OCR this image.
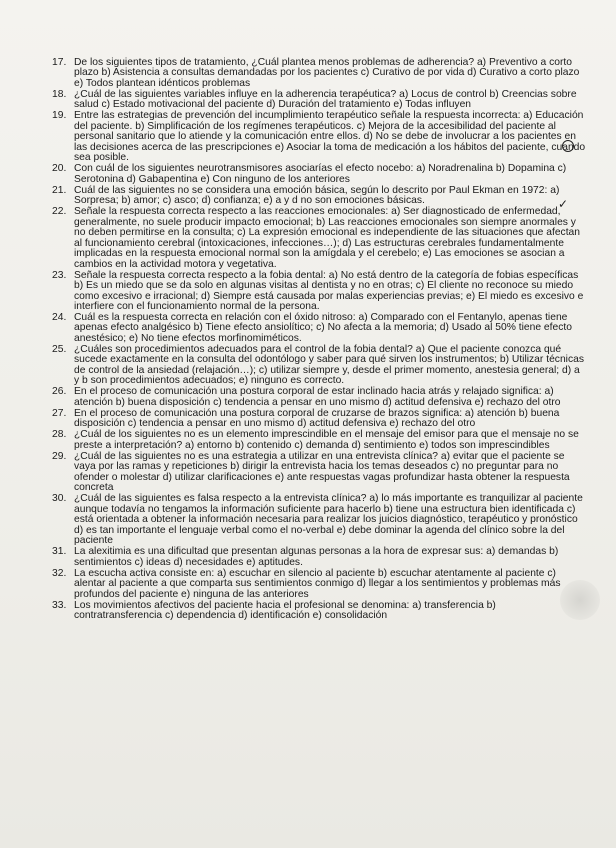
17. De los siguientes tipos de tratamiento, ¿Cuál plantea menos problemas de adherencia? a) Preventivo a corto plazo b) Asistencia a consultas demandadas por los pacientes c) Curativo de por vida d) Curativo a corto plazo e) Todos plantean idénticos problemas
18. ¿Cuál de las siguientes variables influye en la adherencia terapéutica? a) Locus de control b) Creencias sobre salud c) Estado motivacional del paciente d) Duración del tratamiento e) Todas influyen
19. Entre las estrategias de prevención del incumplimiento terapéutico señale la respuesta incorrecta: a) Educación del paciente. b) Simplificación de los regímenes terapéuticos. c) Mejora de la accesibilidad del paciente al personal sanitario que lo atiende y la comunicación entre ellos. d) No se debe de involucrar a los pacientes en las decisiones acerca de las prescripciones e) Asociar la toma de medicación a los hábitos del paciente, cuando sea posible.
20. Con cuál de los siguientes neurotransmisores asociarías el efecto nocebo: a) Noradrenalina b) Dopamina c) Serotonina d) Gabapentina e) Con ninguno de los anteriores
21. Cuál de las siguientes no se considera una emoción básica, según lo descrito por Paul Ekman en 1972: a) Sorpresa; b) amor; c) asco; d) confianza; e) a y d no son emociones básicas.
22. Señale la respuesta correcta respecto a las reacciones emocionales: a) Ser diagnosticado de enfermedad, generalmente, no suele producir impacto emocional; b) Las reacciones emocionales son siempre anormales y no deben permitirse en la consulta; c) La expresión emocional es independiente de las situaciones que afectan al funcionamiento cerebral (intoxicaciones, infecciones…); d) Las estructuras cerebrales fundamentalmente implicadas en la respuesta emocional normal son la amígdala y el cerebelo; e) Las emociones se asocian a cambios en la actividad motora y vegetativa.
23. Señale la respuesta correcta respecto a la fobia dental: a) No está dentro de la categoría de fobias específicas b) Es un miedo que se da solo en algunas visitas al dentista y no en otras; c) El cliente no reconoce su miedo como excesivo e irracional; d) Siempre está causada por malas experiencias previas; e) El miedo es excesivo e interfiere con el funcionamiento normal de la persona.
24. Cuál es la respuesta correcta en relación con el óxido nitroso: a) Comparado con el Fentanylo, apenas tiene apenas efecto analgésico b) Tiene efecto ansiolítico; c) No afecta a la memoria; d) Usado al 50% tiene efecto anestésico; e) No tiene efectos morfinomiméticos.
25. ¿Cuáles son procedimientos adecuados para el control de la fobia dental? a) Que el paciente conozca qué sucede exactamente en la consulta del odontólogo y saber para qué sirven los instrumentos; b) Utilizar técnicas de control de la ansiedad (relajación…); c) utilizar siempre y, desde el primer momento, anestesia general; d) a y b son procedimientos adecuados; e) ninguno es correcto.
26. En el proceso de comunicación una postura corporal de estar inclinado hacia atrás y relajado significa: a) atención b) buena disposición c) tendencia a pensar en uno mismo d) actitud defensiva e) rechazo del otro
27. En el proceso de comunicación una postura corporal de cruzarse de brazos significa: a) atención b) buena disposición c) tendencia a pensar en uno mismo d) actitud defensiva e) rechazo del otro
28. ¿Cuál de los siguientes no es un elemento imprescindible en el mensaje del emisor para que el mensaje no se preste a interpretación? a) entorno b) contenido c) demanda d) sentimiento e) todos son imprescindibles
29. ¿Cuál de las siguientes no es una estrategia a utilizar en una entrevista clínica? a) evitar que el paciente se vaya por las ramas y repeticiones b) dirigir la entrevista hacia los temas deseados c) no preguntar para no ofender o molestar d) utilizar clarificaciones e) ante respuestas vagas profundizar hasta obtener la respuesta concreta
30. ¿Cuál de las siguientes es falsa respecto a la entrevista clínica? a) lo más importante es tranquilizar al paciente aunque todavía no tengamos la información suficiente para hacerlo b) tiene una estructura bien identificada c) está orientada a obtener la información necesaria para realizar los juicios diagnóstico, terapéutico y pronóstico d) es tan importante el lenguaje verbal como el no-verbal e) debe dominar la agenda del clínico sobre la del paciente
31. La alexitimia es una dificultad que presentan algunas personas a la hora de expresar sus: a) demandas b) sentimientos c) ideas d) necesidades e) aptitudes.
32. La escucha activa consiste en: a) escuchar en silencio al paciente b) escuchar atentamente al paciente c) alentar al paciente a que comparta sus sentimientos conmigo d) llegar a los sentimientos y problemas más profundos del paciente e) ninguna de las anteriores
33. Los movimientos afectivos del paciente hacia el profesional se denomina: a) transferencia b) contratransferencia c) dependencia d) identificación e) consolidación
✓
